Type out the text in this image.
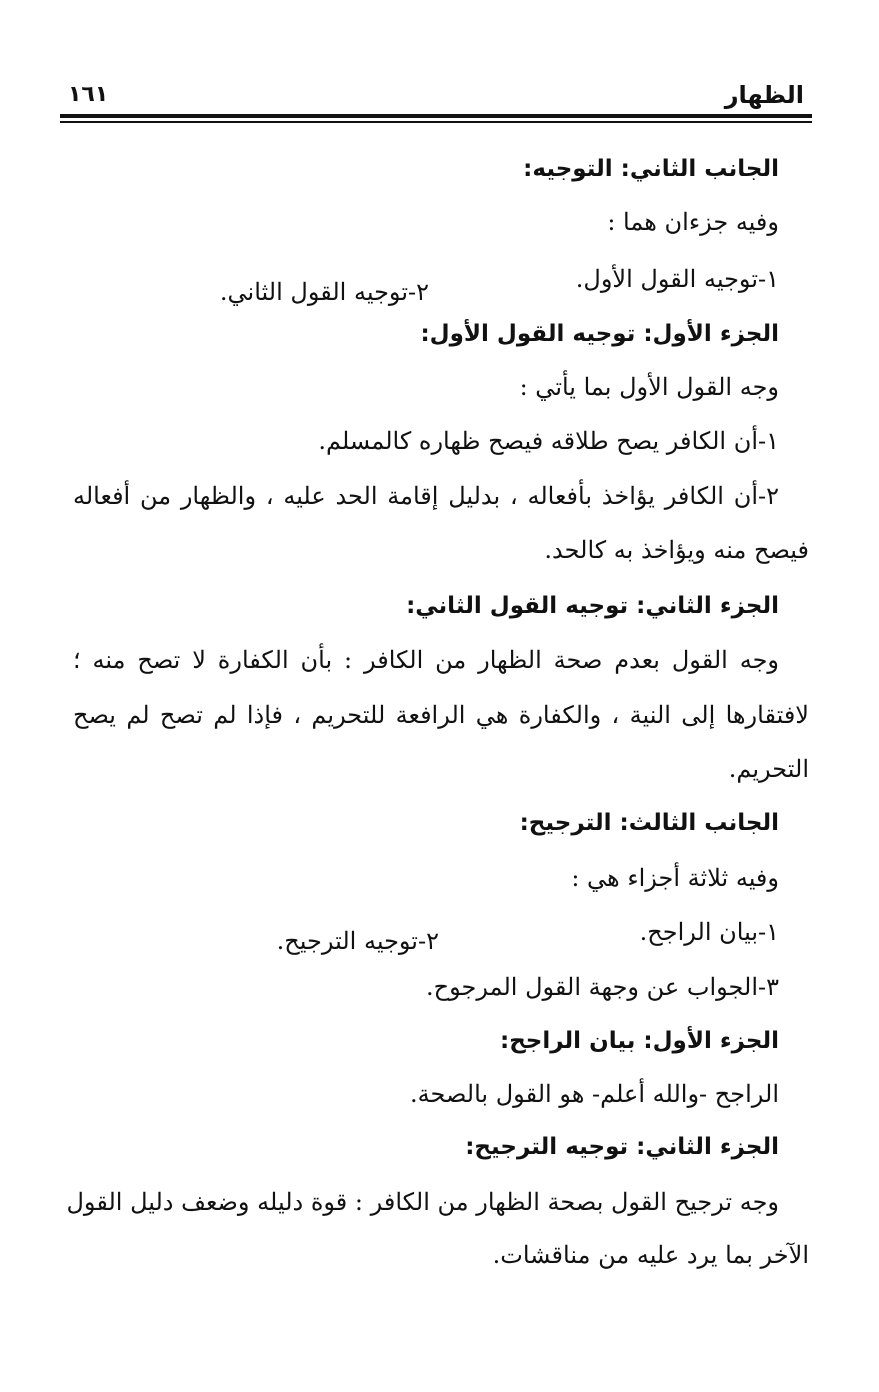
الظهار
١٦١
الجانب الثاني: التوجيه:
وفيه جزءان هما :
١-توجيه القول الأول.
٢-توجيه القول الثاني.
الجزء الأول: توجيه القول الأول:
وجه القول الأول بما يأتي :
١-أن الكافر يصح طلاقه فيصح ظهاره كالمسلم.
٢-أن الكافر يؤاخذ بأفعاله ، بدليل إقامة الحد عليه ، والظهار من أفعاله
فيصح منه ويؤاخذ به كالحد.
الجزء الثاني: توجيه القول الثاني:
وجه القول بعدم صحة الظهار من الكافر : بأن الكفارة لا تصح منه ؛
لافتقارها إلى النية ، والكفارة هي الرافعة للتحريم ، فإذا لم تصح لم يصح
التحريم.
الجانب الثالث: الترجيح:
وفيه ثلاثة أجزاء هي :
١-بيان الراجح.
٢-توجيه الترجيح.
٣-الجواب عن وجهة القول المرجوح.
الجزء الأول: بيان الراجح:
الراجح -والله أعلم- هو القول بالصحة.
الجزء الثاني: توجيه الترجيح:
وجه ترجيح القول بصحة الظهار من الكافر : قوة دليله وضعف دليل القول
الآخر بما يرد عليه من مناقشات.
